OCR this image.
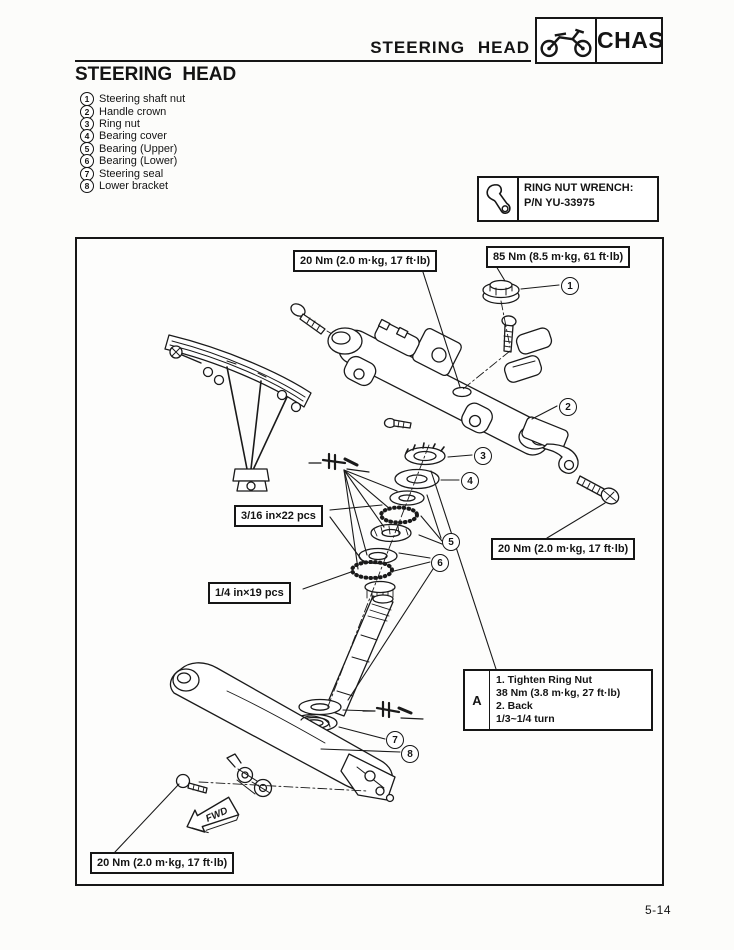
STEERING HEAD	CHAS
STEERING HEAD
1 Steering shaft nut
2 Handle crown
3 Ring nut
4 Bearing cover
5 Bearing (Upper)
6 Bearing (Lower)
7 Steering seal
8 Lower bracket	RING NUT WRENCH:
P/N YU-33975
FWD
20 Nm (2.0 m·kg, 17 ft·lb)	85 Nm (8.5 m·kg, 61 ft·lb)
20 Nm (2.0 m·kg, 17 ft·lb)
20 Nm (2.0 m·kg, 17 ft·lb)
3/16 in×22 pcs
1/4 in×19 pcs
A
1. Tighten Ring Nut
38 Nm (3.8 m·kg, 27 ft·lb)
2. Back
1/3~1/4 turn
1
2
3
4
5
6
7
8
5-14
